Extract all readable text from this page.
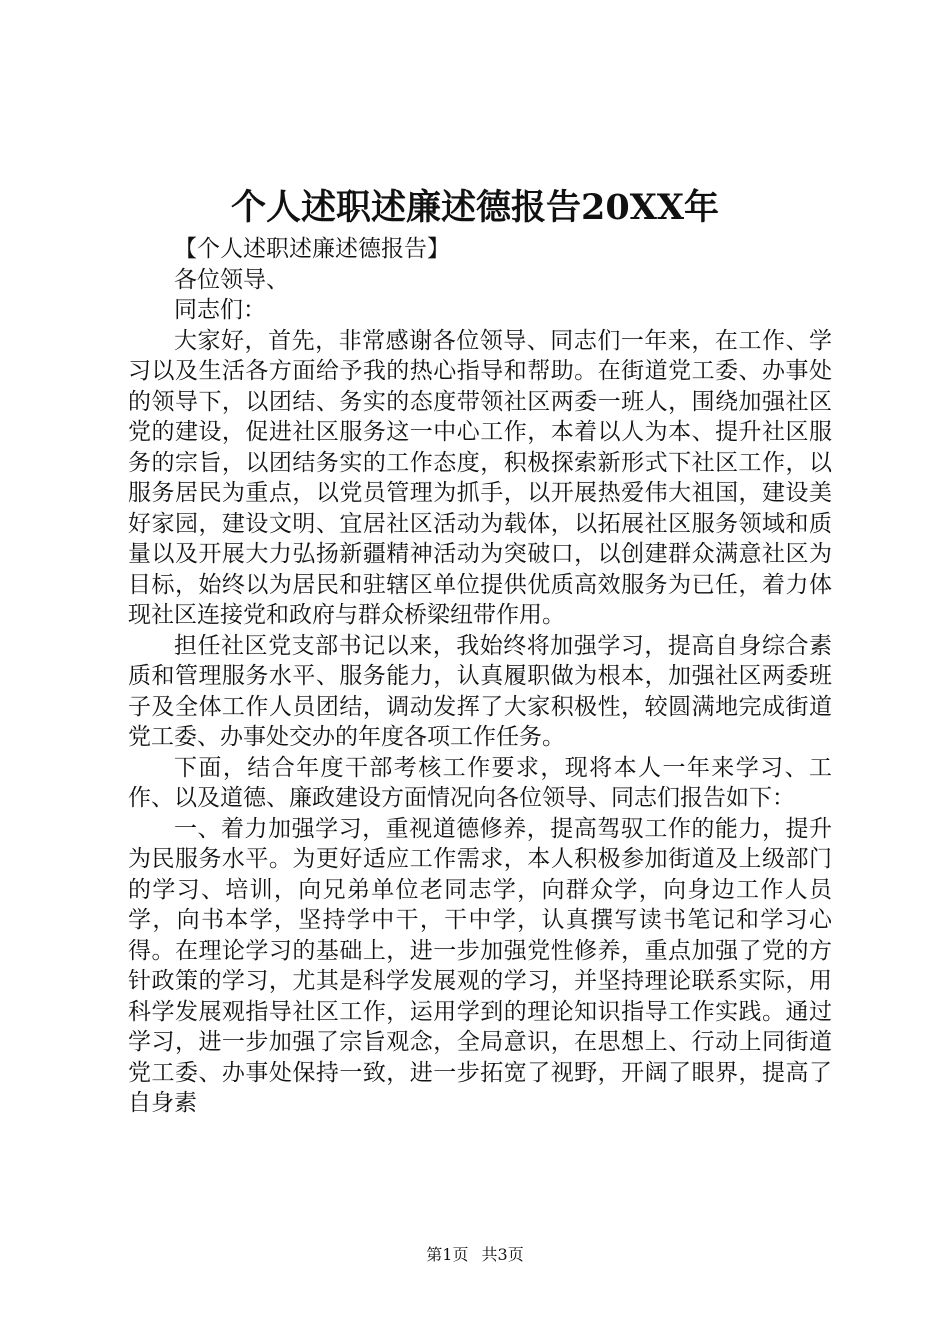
个人述职述廉述德报告20XX年

【个人述职述廉述德报告】

各位领导、

同志们：

大家好，首先，非常感谢各位领导、同志们一年来，在工作、学习以及生活各方面给予我的热心指导和帮助。在街道党工委、办事处的领导下，以团结、务实的态度带领社区两委一班人，围绕加强社区党的建设，促进社区服务这一中心工作，本着以人为本、提升社区服务的宗旨，以团结务实的工作态度，积极探索新形式下社区工作，以服务居民为重点，以党员管理为抓手，以开展热爱伟大祖国，建设美好家园，建设文明、宜居社区活动为载体，以拓展社区服务领域和质量以及开展大力弘扬新疆精神活动为突破口，以创建群众满意社区为目标，始终以为居民和驻辖区单位提供优质高效服务为已任，着力体现社区连接党和政府与群众桥梁纽带作用。

担任社区党支部书记以来，我始终将加强学习，提高自身综合素质和管理服务水平、服务能力，认真履职做为根本，加强社区两委班子及全体工作人员团结，调动发挥了大家积极性，较圆满地完成街道党工委、办事处交办的年度各项工作任务。

下面，结合年度干部考核工作要求，现将本人一年来学习、工作、以及道德、廉政建设方面情况向各位领导、同志们报告如下：

一、着力加强学习，重视道德修养，提高驾驭工作的能力，提升为民服务水平。为更好适应工作需求，本人积极参加街道及上级部门的学习、培训，向兄弟单位老同志学，向群众学，向身边工作人员学，向书本学，坚持学中干，干中学，认真撰写读书笔记和学习心得。在理论学习的基础上，进一步加强党性修养，重点加强了党的方针政策的学习，尤其是科学发展观的学习，并坚持理论联系实际，用科学发展观指导社区工作，运用学到的理论知识指导工作实践。通过学习，进一步加强了宗旨观念，全局意识，在思想上、行动上同街道党工委、办事处保持一致，进一步拓宽了视野，开阔了眼界，提高了自身素

第1页 共3页
